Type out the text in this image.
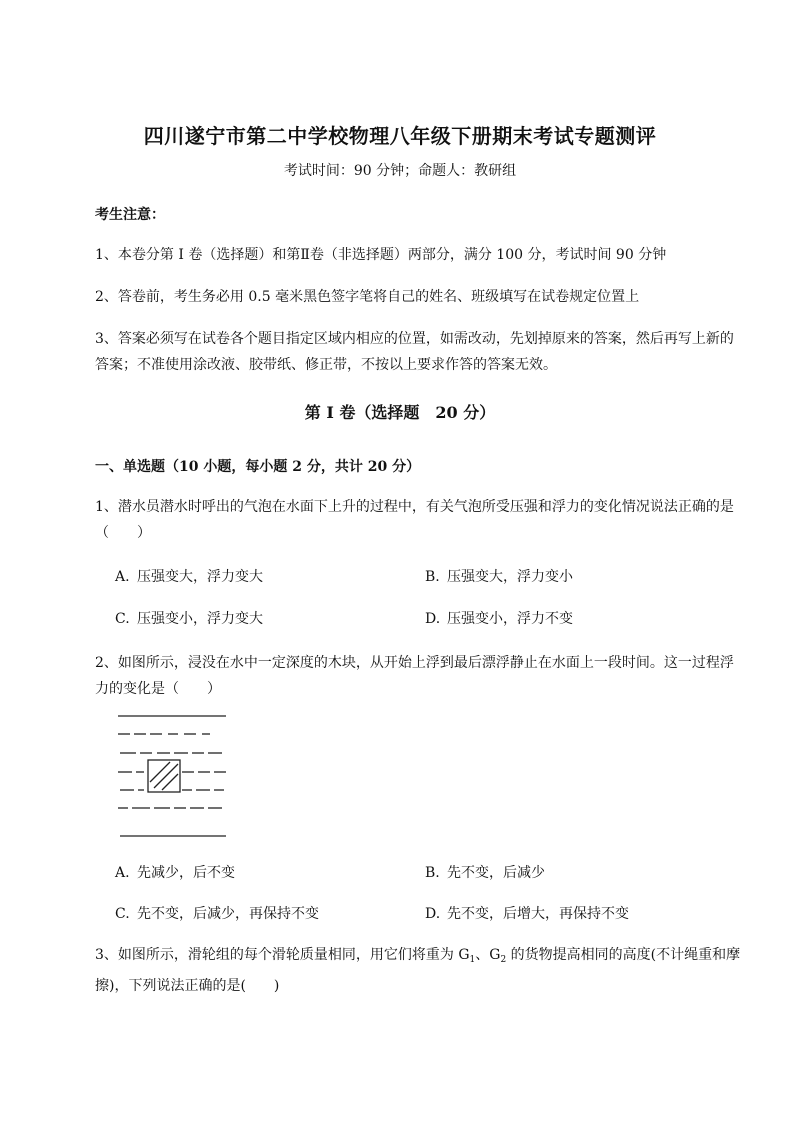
四川遂宁市第二中学校物理八年级下册期末考试专题测评
考试时间：90 分钟；命题人：教研组
考生注意：
1、本卷分第 I 卷（选择题）和第Ⅱ卷（非选择题）两部分，满分 100 分，考试时间 90 分钟
2、答卷前，考生务必用 0.5 毫米黑色签字笔将自己的姓名、班级填写在试卷规定位置上
3、答案必须写在试卷各个题目指定区域内相应的位置，如需改动，先划掉原来的答案，然后再写上新的答案；不准使用涂改液、胶带纸、修正带，不按以上要求作答的答案无效。
第 I 卷（选择题　20 分）
一、单选题（10 小题，每小题 2 分，共计 20 分）
1、潜水员潜水时呼出的气泡在水面下上升的过程中，有关气泡所受压强和浮力的变化情况说法正确的是（　　）
A. 压强变大，浮力变大	B. 压强变大，浮力变小
C. 压强变小，浮力变大	D. 压强变小，浮力不变
2、如图所示，浸没在水中一定深度的木块，从开始上浮到最后漂浮静止在水面上一段时间。这一过程浮力的变化是（　　）
A. 先减少，后不变	B. 先不变，后减少
C. 先不变，后减少，再保持不变	D. 先不变，后增大，再保持不变
3、如图所示，滑轮组的每个滑轮质量相同，用它们将重为 $G_1$、$G_2$ 的货物提高相同的高度(不计绳重和摩擦)，下列说法正确的是(　　)
